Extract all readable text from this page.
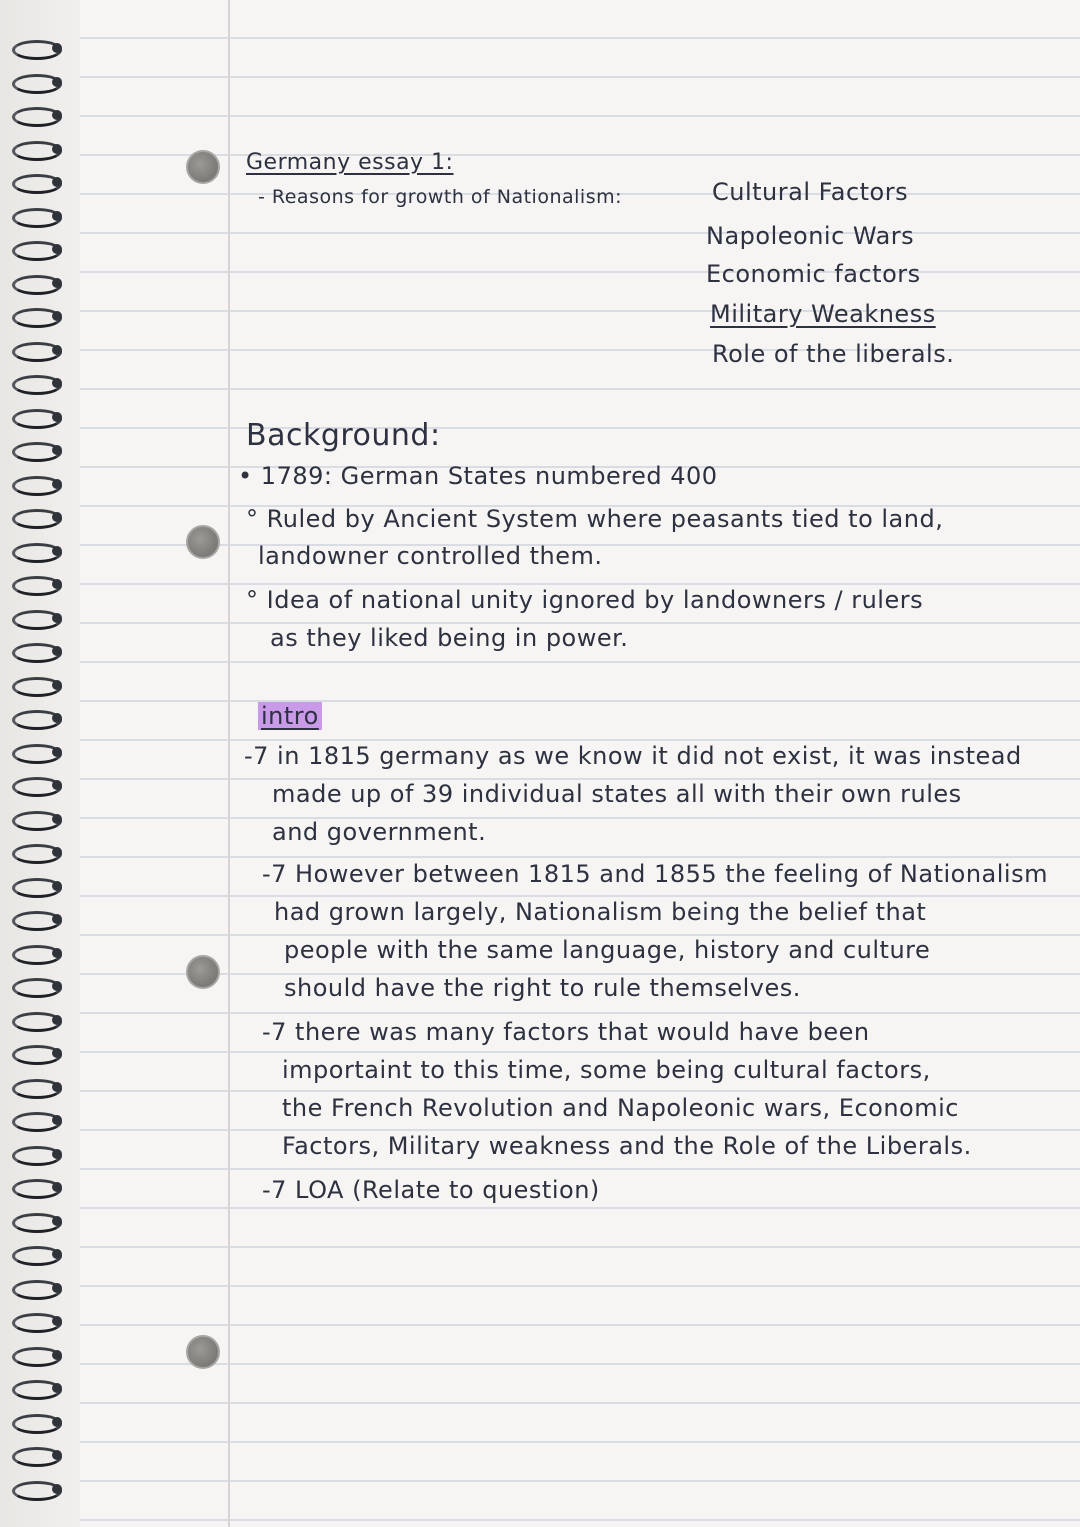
Germany essay 1:
- Reasons for growth of Nationalism:	Cultural Factors
Napoleonic Wars
Economic factors
Military Weakness
Role of the liberals.
Background:
• 1789: German States numbered 400
° Ruled by Ancient System where peasants tied to land,
landowner controlled them.
° Idea of national unity ignored by landowners / rulers
as they liked being in power.
intro
-7 in 1815 germany as we know it did not exist, it was instead
made up of 39 individual states all with their own rules
and government.
-7 However between 1815 and 1855 the feeling of Nationalism
had grown largely, Nationalism being the belief that
people with the same language, history and culture
should have the right to rule themselves.
-7 there was many factors that would have been
importaint to this time, some being cultural factors,
the French Revolution and Napoleonic wars, Economic
Factors, Military weakness and the Role of the Liberals.
-7 LOA (Relate to question)
